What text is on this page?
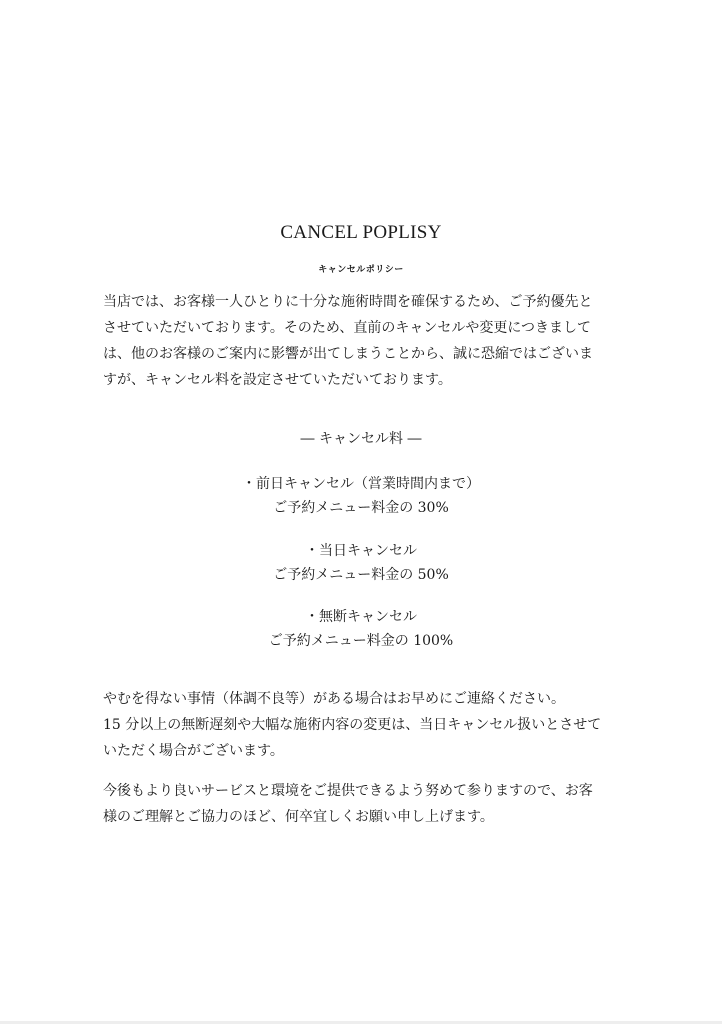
CANCEL POPLISY
キャンセルポリシー

当店では、お客様一人ひとりに十分な施術時間を確保するため、ご予約優先と
させていただいております。そのため、直前のキャンセルや変更につきまして
は、他のお客様のご案内に影響が出てしまうことから、誠に恐縮ではございま
すが、キャンセル料を設定させていただいております。

― キャンセル料 ―
・前日キャンセル（営業時間内まで）
ご予約メニュー料金の 30%
・当日キャンセル
ご予約メニュー料金の 50%
・無断キャンセル
ご予約メニュー料金の 100%

やむを得ない事情（体調不良等）がある場合はお早めにご連絡ください。
15 分以上の無断遅刻や大幅な施術内容の変更は、当日キャンセル扱いとさせて
いただく場合がございます。

今後もより良いサービスと環境をご提供できるよう努めて参りますので、お客
様のご理解とご協力のほど、何卒宜しくお願い申し上げます。
